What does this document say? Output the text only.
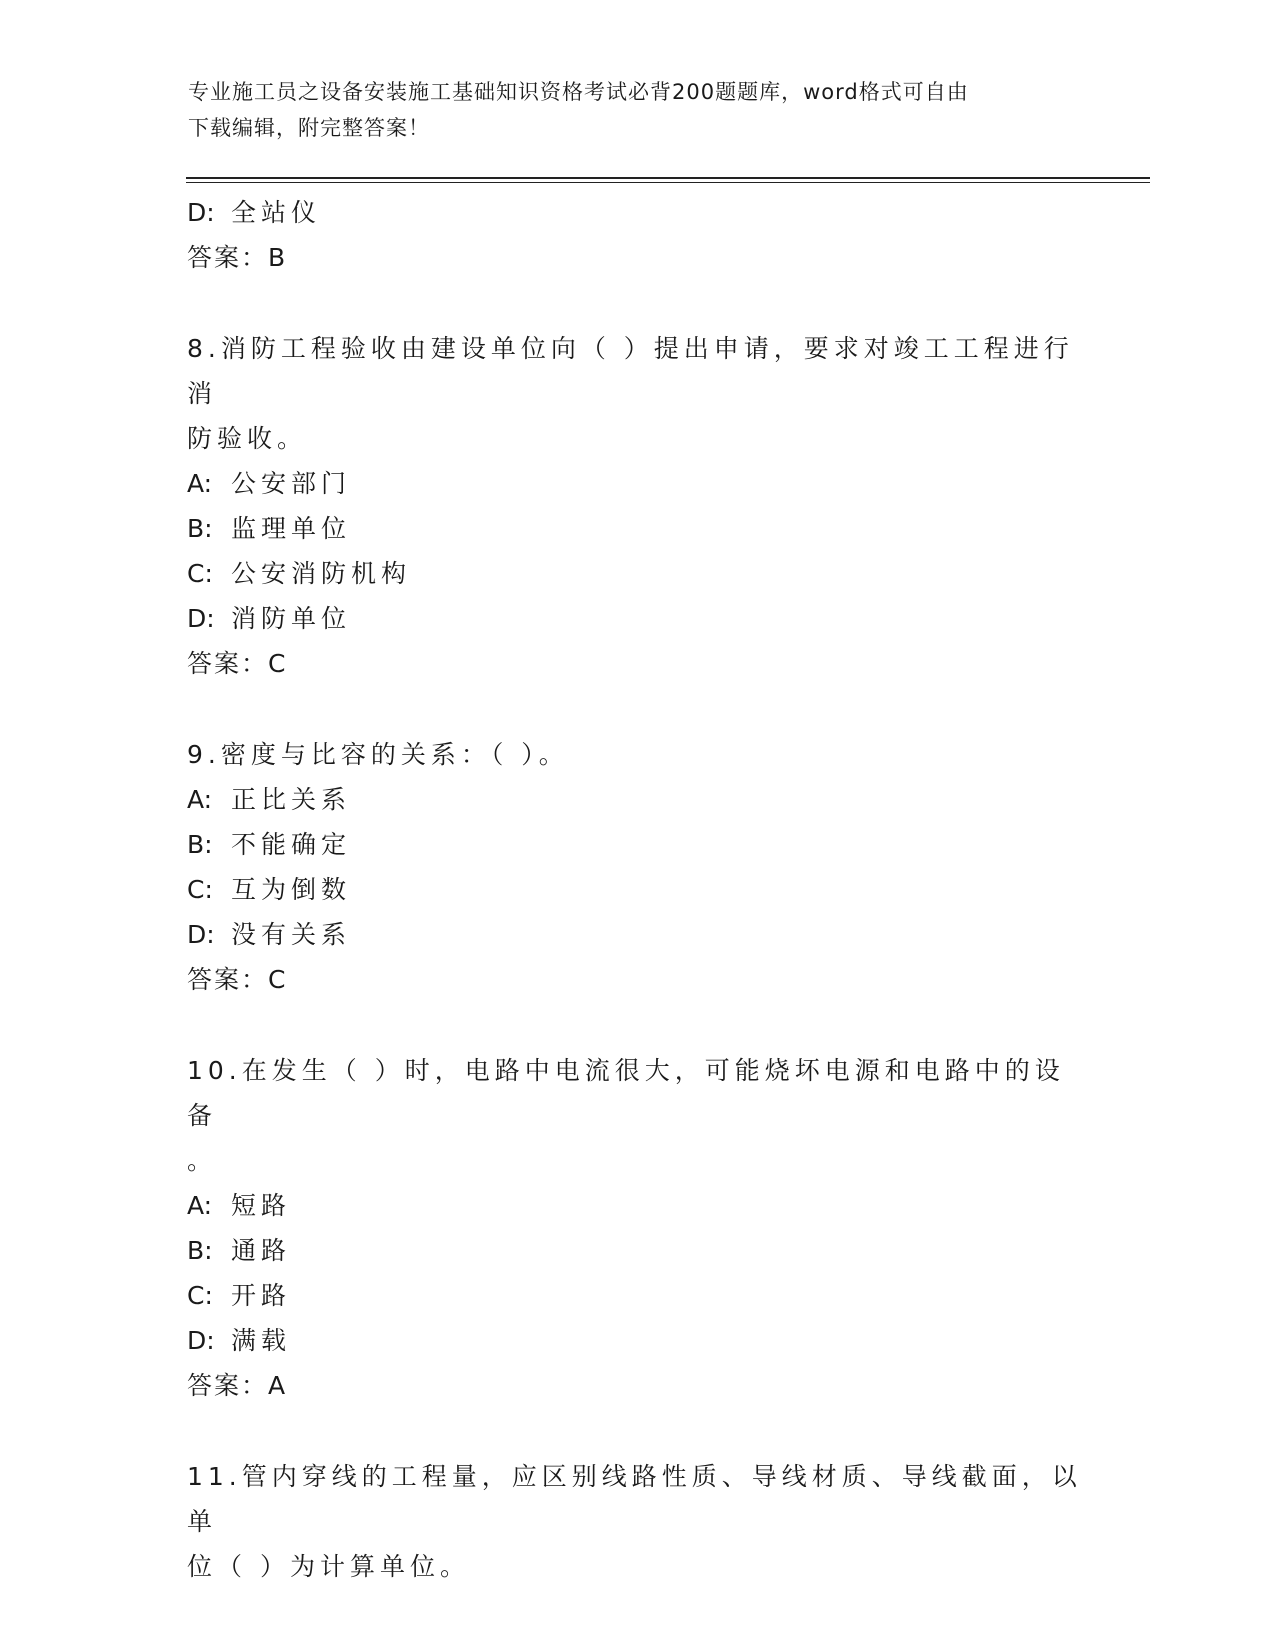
专业施工员之设备安装施工基础知识资格考试必背200题题库，word格式可自由
下载编辑，附完整答案！
D: 全站仪
答案：B
8.消防工程验收由建设单位向（ ）提出申请，要求对竣工工程进行消
防验收。
A: 公安部门
B: 监理单位
C: 公安消防机构
D: 消防单位
答案：C
9.密度与比容的关系：（ ）。
A: 正比关系
B: 不能确定
C: 互为倒数
D: 没有关系
答案：C
10.在发生（ ）时，电路中电流很大，可能烧坏电源和电路中的设备
。
A: 短路
B: 通路
C: 开路
D: 满载
答案：A
11.管内穿线的工程量，应区别线路性质、导线材质、导线截面，以单
位（ ）为计算单位。
